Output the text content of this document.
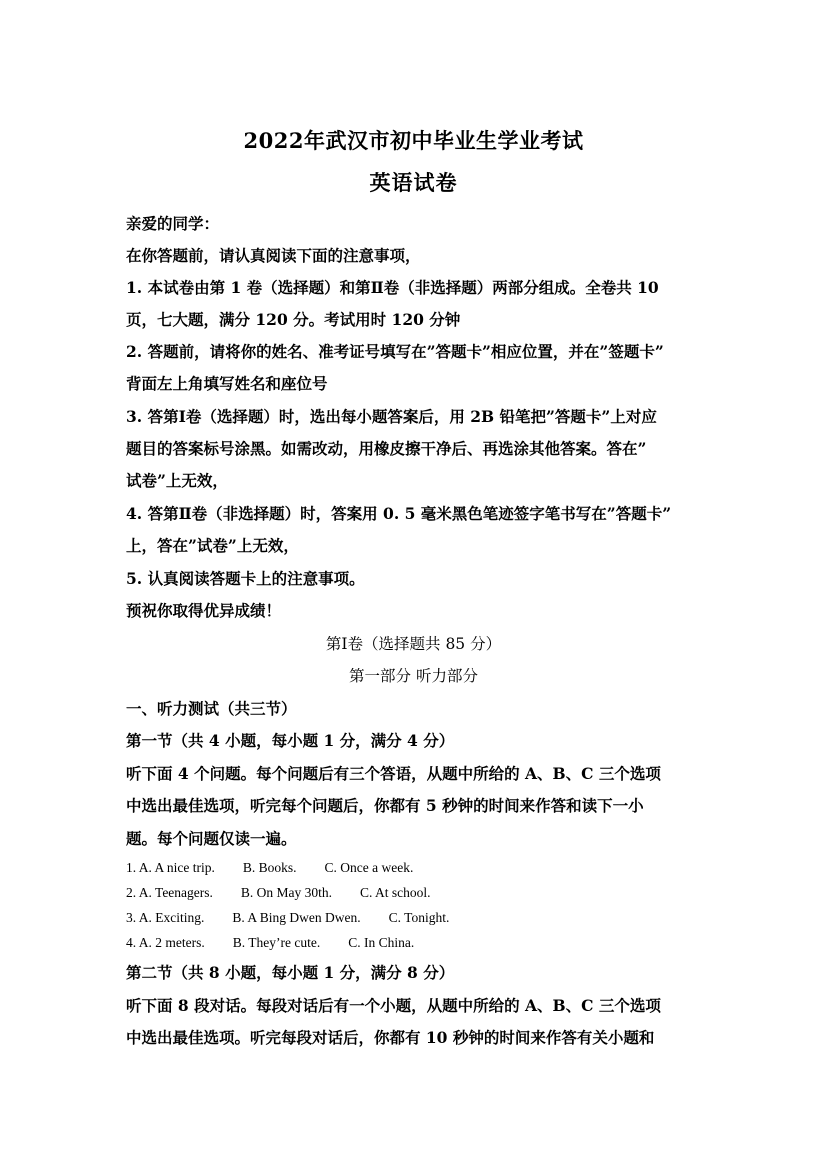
2022年武汉市初中毕业生学业考试
英语试卷
亲爱的同学：
在你答题前，请认真阅读下面的注意事项，
1. 本试卷由第 1 卷（选择题）和第Ⅱ卷（非选择题）两部分组成。全卷共 10
页，七大题，满分 120 分。考试用时 120 分钟
2. 答题前，请将你的姓名、准考证号填写在”答题卡”相应位置，并在”签题卡”
背面左上角填写姓名和座位号
3. 答第Ⅰ卷（选择题）时，选出每小题答案后，用 2B 铅笔把”答题卡”上对应
题目的答案标号涂黑。如需改动，用橡皮擦干净后、再选涂其他答案。答在”
试卷”上无效，
4. 答第Ⅱ卷（非选择题）时，答案用 0. 5 毫米黑色笔迹签字笔书写在”答题卡”
上，答在”试卷”上无效，
5. 认真阅读答题卡上的注意事项。
预祝你取得优异成绩！
第Ⅰ卷（选择题共 85 分）
第一部分 听力部分
一、听力测试（共三节）
第一节（共 4 小题，每小题 1 分，满分 4 分）
听下面 4 个问题。每个问题后有三个答语，从题中所给的 A、B、C 三个选项
中选出最佳选项，听完每个问题后，你都有 5 秒钟的时间来作答和读下一小
题。每个问题仅读一遍。
1. A. A nice trip. B. Books. C. Once a week.
2. A. Teenagers. B. On May 30th. C. At school.
3. A. Exciting. B. A Bing Dwen Dwen. C. Tonight.
4. A. 2 meters. B. They’re cute. C. In China.
第二节（共 8 小题，每小题 1 分，满分 8 分）
听下面 8 段对话。每段对话后有一个小题，从题中所给的 A、B、C 三个选项
中选出最佳选项。听完每段对话后，你都有 10 秒钟的时间来作答有关小题和
